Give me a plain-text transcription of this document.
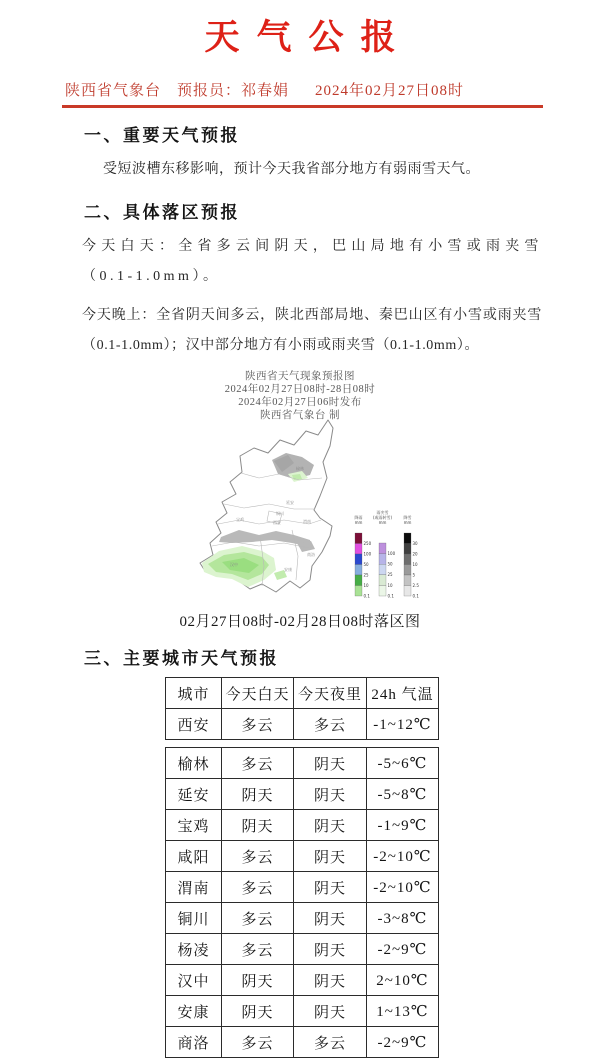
天气公报
陕西省气象台 预报员：祁春娟 2024年02月27日08时
一、重要天气预报

受短波槽东移影响，预计今天我省部分地方有弱雨雪天气。

二、具体落区预报

今天白天：全省多云间阴天，巴山局地有小雪或雨夹雪（0.1-1.0mm）。

今天晚上：全省阴天间多云，陕北西部局地、秦巴山区有小雪或雨夹雪（0.1-1.0mm）；汉中部分地方有小雨或雨夹雪（0.1-1.0mm）。

陕西省天气现象预报图
2024年02月27日08时-28日08时
2024年02月27日06时发布
陕西省气象台 制
榆林
延安
铜川
西安
宝鸡	渭南
汉中
安康
商洛
降雨
mm
250
100
50
25
10
0.1
雨夹雪
(或雨转雪)
mm
100
50
25
10
0.1
降雪
mm
30
20
10
5
2.5
0.1
02月27日08时-02月28日08时落区图
三、主要城市天气预报
城市	今天白天	今天夜里	24h 气温
西安	多云	多云	-1~12℃
榆林	多云	阴天	-5~6℃
延安	阴天	阴天	-5~8℃
宝鸡	阴天	阴天	-1~9℃
咸阳	多云	阴天	-2~10℃
渭南	多云	阴天	-2~10℃
铜川	多云	阴天	-3~8℃
杨凌	多云	阴天	-2~9℃
汉中	阴天	阴天	2~10℃
安康	阴天	阴天	1~13℃
商洛	多云	多云	-2~9℃
